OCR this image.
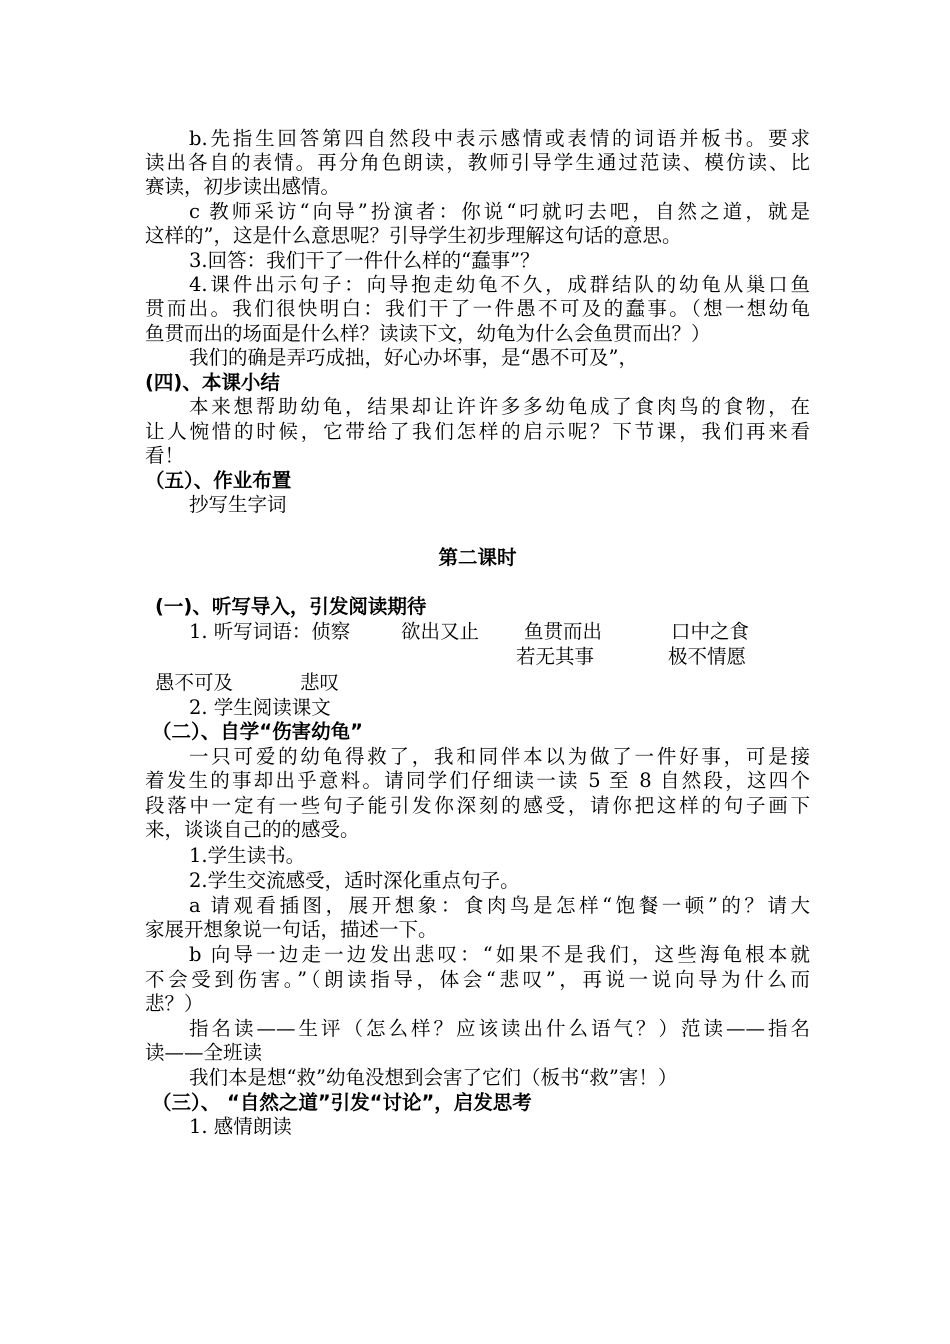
b.先指生回答第四自然段中表示感情或表情的词语并板书。要求
读出各自的表情。再分角色朗读，教师引导学生通过范读、模仿读、比
赛读，初步读出感情。
c 教师采访“向导”扮演者：你说“叼就叼去吧，自然之道，就是
这样的”，这是什么意思呢？引导学生初步理解这句话的意思。
3.回答：我们干了一件什么样的“蠢事”？
4.课件出示句子：向导抱走幼龟不久，成群结队的幼龟从巢口鱼
贯而出。我们很快明白：我们干了一件愚不可及的蠢事。（想一想幼龟
鱼贯而出的场面是什么样？读读下文，幼龟为什么会鱼贯而出？）
我们的确是弄巧成拙，好心办坏事，是“愚不可及”，
(四)、本课小结
本来想帮助幼龟，结果却让许许多多幼龟成了食肉鸟的食物，在
让人惋惜的时候，它带给了我们怎样的启示呢？下节课，我们再来看
看！
（五）、作业布置
抄写生字词
第二课时
(一)、听写导入，引发阅读期待
1. 听写词语：侦察	欲出又止 鱼贯而出	口中之食
若无其事	极不情愿
愚不可及	悲叹
2. 学生阅读课文
（二）、自学“伤害幼龟”
一只可爱的幼龟得救了，我和同伴本以为做了一件好事，可是接
着发生的事却出乎意料。请同学们仔细读一读 5 至 8 自然段，这四个
段落中一定有一些句子能引发你深刻的感受，请你把这样的句子画下
来，谈谈自己的的感受。
1.学生读书。
2.学生交流感受，适时深化重点句子。
a 请观看插图，展开想象：食肉鸟是怎样“饱餐一顿”的？请大
家展开想象说一句话，描述一下。
b 向导一边走一边发出悲叹：“如果不是我们，这些海龟根本就
不会受到伤害。”（朗读指导，体会“悲叹”，再说一说向导为什么而
悲？）
指名读——生评（怎么样？应该读出什么语气？）范读——指名
读——全班读
我们本是想“救”幼龟没想到会害了它们（板书“救”害！）
（三）、 “自然之道”引发“讨论”，启发思考
1. 感情朗读
